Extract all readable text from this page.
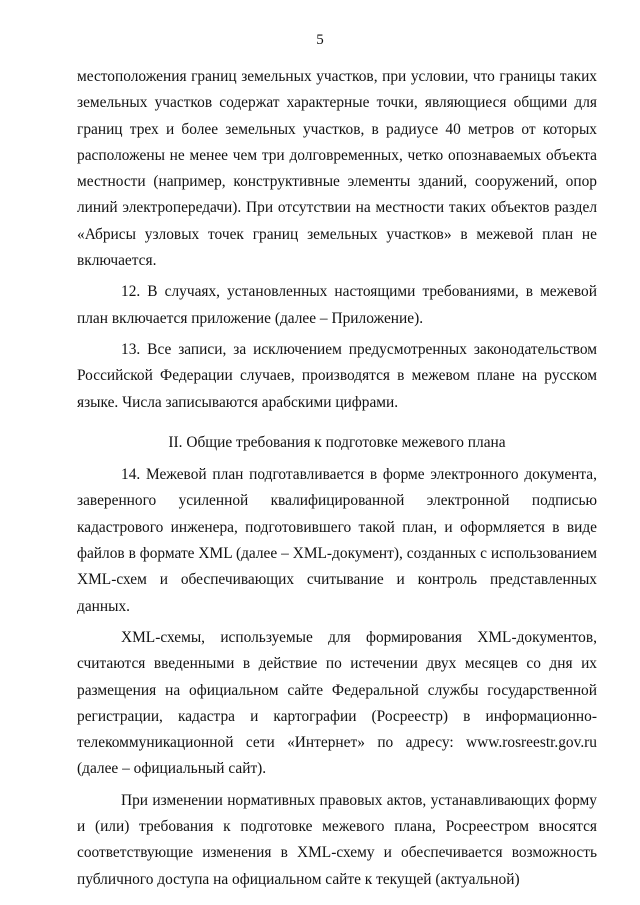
5

местоположения границ земельных участков, при условии, что границы таких земельных участков содержат характерные точки, являющиеся общими для границ трех и более земельных участков, в радиусе 40 метров от которых расположены не менее чем три долговременных, четко опознаваемых объекта местности (например, конструктивные элементы зданий, сооружений, опор линий электропередачи). При отсутствии на местности таких объектов раздел «Абрисы узловых точек границ земельных участков» в межевой план не включается.

12. В случаях, установленных настоящими требованиями, в межевой план включается приложение (далее – Приложение).

13. Все записи, за исключением предусмотренных законодательством Российской Федерации случаев, производятся в межевом плане на русском языке. Числа записываются арабскими цифрами.

II. Общие требования к подготовке межевого плана

14. Межевой план подготавливается в форме электронного документа, заверенного усиленной квалифицированной электронной подписью кадастрового инженера, подготовившего такой план, и оформляется в виде файлов в формате XML (далее – XML-документ), созданных с использованием XML-схем и обеспечивающих считывание и контроль представленных данных.

XML-схемы, используемые для формирования XML-документов, считаются введенными в действие по истечении двух месяцев со дня их размещения на официальном сайте Федеральной службы государственной регистрации, кадастра и картографии (Росреестр) в информационно-телекоммуникационной сети «Интернет» по адресу: www.rosreestr.gov.ru (далее – официальный сайт).

При изменении нормативных правовых актов, устанавливающих форму и (или) требования к подготовке межевого плана, Росреестром вносятся соответствующие изменения в XML-схему и обеспечивается возможность публичного доступа на официальном сайте к текущей (актуальной)
